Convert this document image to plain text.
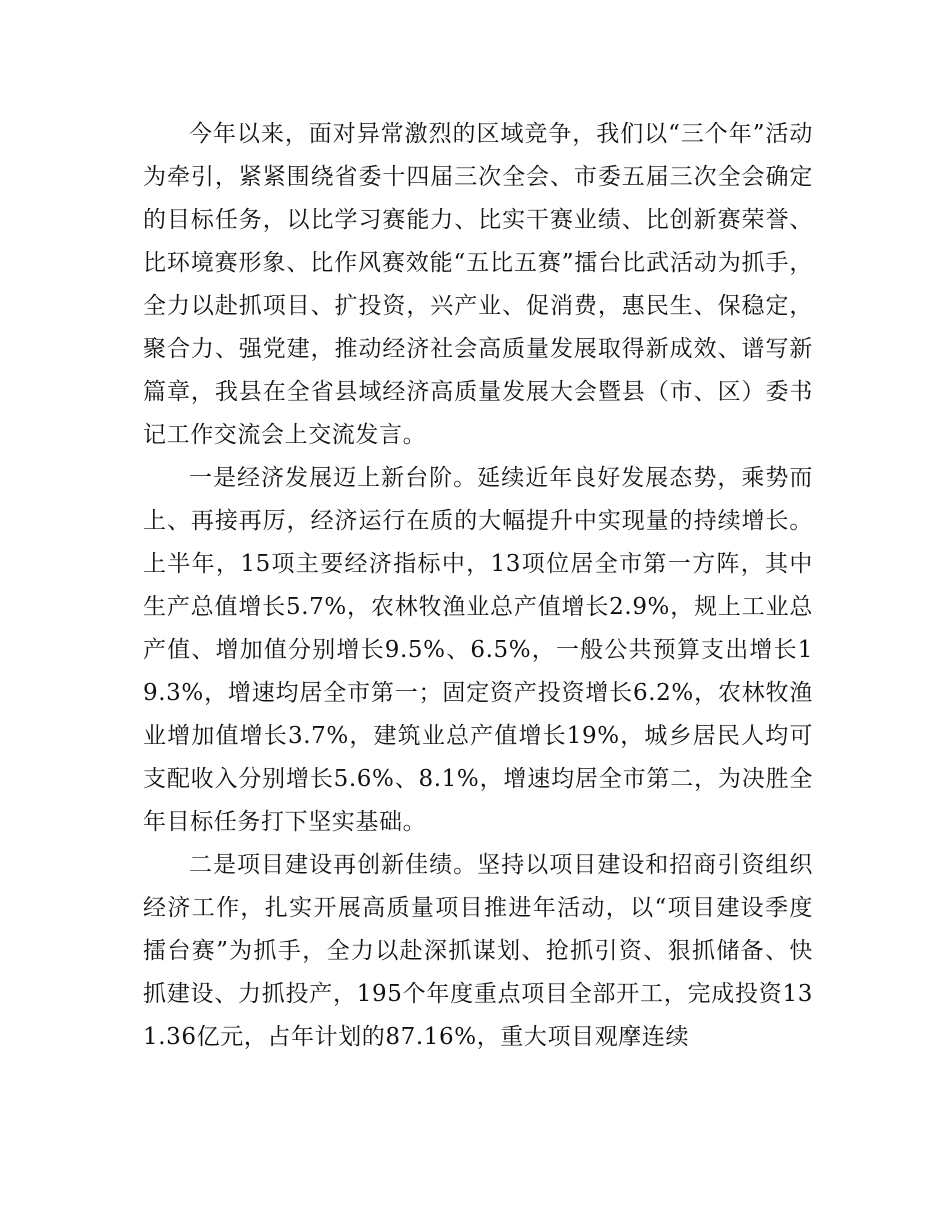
今年以来，面对异常激烈的区域竞争，我们以“三个年”活动为牵引，紧紧围绕省委十四届三次全会、市委五届三次全会确定的目标任务，以比学习赛能力、比实干赛业绩、比创新赛荣誉、比环境赛形象、比作风赛效能“五比五赛”擂台比武活动为抓手，全力以赴抓项目、扩投资，兴产业、促消费，惠民生、保稳定，聚合力、强党建，推动经济社会高质量发展取得新成效、谱写新篇章，我县在全省县域经济高质量发展大会暨县（市、区）委书记工作交流会上交流发言。

一是经济发展迈上新台阶。延续近年良好发展态势，乘势而上、再接再厉，经济运行在质的大幅提升中实现量的持续增长。上半年，15项主要经济指标中，13项位居全市第一方阵，其中生产总值增长5.7%，农林牧渔业总产值增长2.9%，规上工业总产值、增加值分别增长9.5%、6.5%，一般公共预算支出增长19.3%，增速均居全市第一；固定资产投资增长6.2%，农林牧渔业增加值增长3.7%，建筑业总产值增长19%，城乡居民人均可支配收入分别增长5.6%、8.1%，增速均居全市第二，为决胜全年目标任务打下坚实基础。

二是项目建设再创新佳绩。坚持以项目建设和招商引资组织经济工作，扎实开展高质量项目推进年活动，以“项目建设季度擂台赛”为抓手，全力以赴深抓谋划、抢抓引资、狠抓储备、快抓建设、力抓投产，195个年度重点项目全部开工，完成投资131.36亿元，占年计划的87.16%，重大项目观摩连续
